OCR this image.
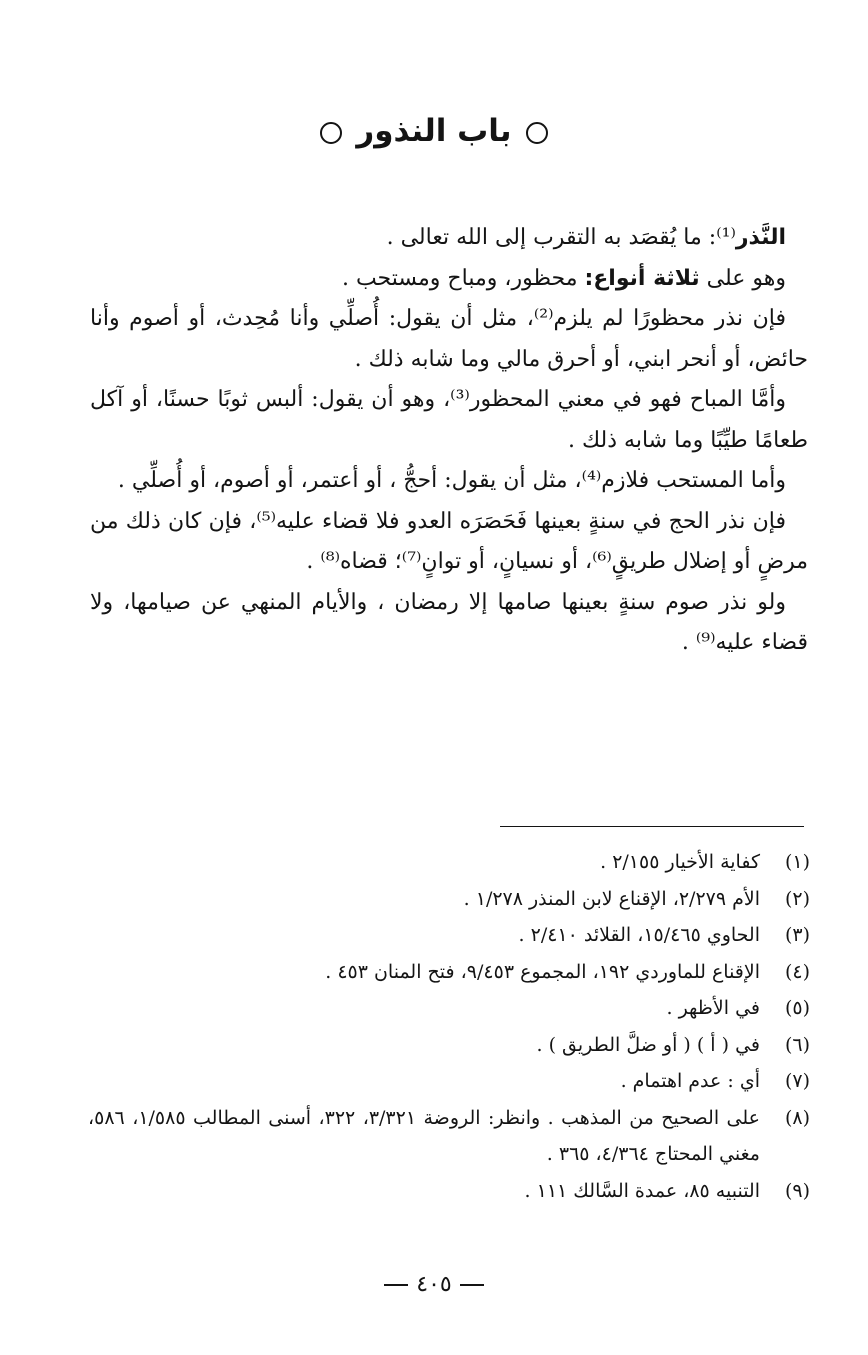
باب النذور

النَّذر⁽¹⁾: ما يُقصَد به التقرب إلى الله تعالى .

وهو على ثلاثة أنواع: محظور، ومباح ومستحب .

فإن نذر محظورًا لم يلزم⁽²⁾، مثل أن يقول: أُصلِّي وأنا مُحِدث، أو أصوم وأنا حائض، أو أنحر ابني، أو أحرق مالي وما شابه ذلك .

وأمَّا المباح فهو في معني المحظور⁽³⁾، وهو أن يقول: ألبس ثوبًا حسنًا، أو آكل طعامًا طيِّبًا وما شابه ذلك .

وأما المستحب فلازم⁽⁴⁾، مثل أن يقول: أحجُّ ، أو أعتمر، أو أصوم، أو أُصلِّي .

فإن نذر الحج في سنةٍ بعينها فَحَصَرَه العدو فلا قضاء عليه⁽⁵⁾، فإن كان ذلك من مرضٍ أو إضلال طريقٍ⁽⁶⁾، أو نسيانٍ، أو توانٍ⁽⁷⁾؛ قضاه⁽⁸⁾ .

ولو نذر صوم سنةٍ بعينها صامها إلا رمضان ، والأيام المنهي عن صيامها، ولا قضاء عليه⁽⁹⁾ .

(١)
كفاية الأخيار ٢/١٥٥ .
(٢)
الأم ٢/٢٧٩، الإقناع لابن المنذر ١/٢٧٨ .
(٣)
الحاوي ١٥/٤٦٥، القلائد ٢/٤١٠ .
(٤)
الإقناع للماوردي ١٩٢، المجموع ٩/٤٥٣، فتح المنان ٤٥٣ .
(٥)
في الأظهر .
(٦)
في ( أ ) ( أو ضلَّ الطريق ) .
(٧)
أي : عدم اهتمام .
(٨)
على الصحيح من المذهب . وانظر: الروضة ٣/٣٢١، ٣٢٢، أسنى المطالب ١/٥٨٥، ٥٨٦، مغني المحتاج ٤/٣٦٤، ٣٦٥ .
(٩)
التنبيه ٨٥، عمدة السَّالك ١١١ .
٤٠٥
